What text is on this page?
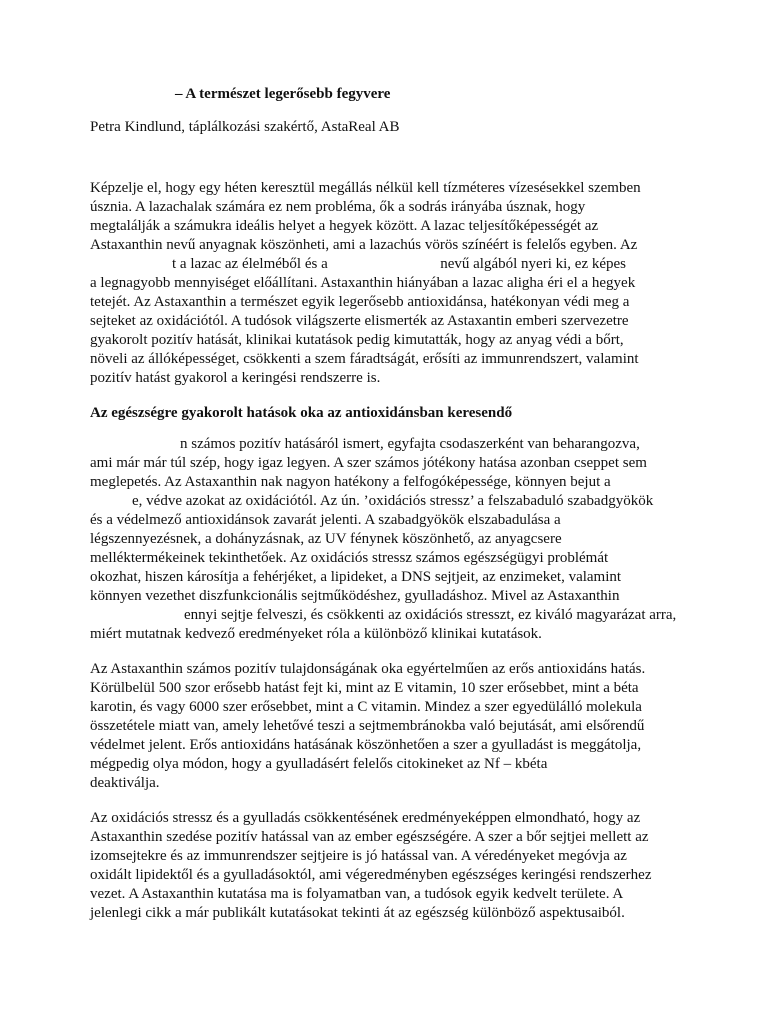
– A természet legerősebb fegyvere
Petra Kindlund, táplálkozási szakértő, AstaReal AB
Képzelje el, hogy egy héten keresztül megállás nélkül kell tízméteres vízesésekkel szemben
úsznia. A lazachalak számára ez nem probléma, ők a sodrás irányába úsznak, hogy
megtalálják a számukra ideális helyet a hegyek között. A lazac teljesítőképességét az
Astaxanthin nevű anyagnak köszönheti, ami a lazachús vörös színéért is felelős egyben. Az
t a lazac az élelméből és a                              nevű algából nyeri ki, ez képes
a legnagyobb mennyiséget előállítani. Astaxanthin hiányában a lazac aligha éri el a hegyek
tetejét. Az Astaxanthin a természet egyik legerősebb antioxidánsa, hatékonyan védi meg a
sejteket az oxidációtól. A tudósok világszerte elismerték az Astaxantin emberi szervezetre
gyakorolt pozitív hatását, klinikai kutatások pedig kimutatták, hogy az anyag védi a bőrt,
növeli az állóképességet, csökkenti a szem fáradtságát, erősíti az immunrendszert, valamint
pozitív hatást gyakorol a keringési rendszerre is.
Az egészségre gyakorolt hatások oka az antioxidánsban keresendő
n számos pozitív hatásáról ismert, egyfajta csodaszerként van beharangozva,
ami már már túl szép, hogy igaz legyen. A szer számos jótékony hatása azonban cseppet sem
meglepetés. Az Astaxanthin nak nagyon hatékony a felfogóképessége, könnyen bejut a
e, védve azokat az oxidációtól. Az ún. ’oxidációs stressz’ a felszabaduló szabadgyökök
és a védelmező antioxidánsok zavarát jelenti. A szabadgyökök elszabadulása a
légszennyezésnek, a dohányzásnak, az UV fénynek köszönhető, az anyagcsere
melléktermékeinek tekinthetőek. Az oxidációs stressz számos egészségügyi problémát
okozhat, hiszen károsítja a fehérjéket, a lipideket, a DNS sejtjeit, az enzimeket, valamint
könnyen vezethet diszfunkcionális sejtműködéshez, gyulladáshoz. Mivel az Astaxanthin
ennyi sejtje felveszi, és csökkenti az oxidációs stresszt, ez kiváló magyarázat arra,
miért mutatnak kedvező eredményeket róla a különböző klinikai kutatások.
Az Astaxanthin számos pozitív tulajdonságának oka egyértelműen az erős antioxidáns hatás.
Körülbelül 500 szor erősebb hatást fejt ki, mint az E vitamin, 10 szer erősebbet, mint a béta
karotin, és vagy 6000 szer erősebbet, mint a C vitamin. Mindez a szer egyedülálló molekula
összetétele miatt van, amely lehetővé teszi a sejtmembránokba való bejutását, ami elsőrendű
védelmet jelent. Erős antioxidáns hatásának köszönhetően a szer a gyulladást is meggátolja,
mégpedig olya módon, hogy a gyulladásért felelős citokineket az Nf – kbéta
deaktiválja.
Az oxidációs stressz és a gyulladás csökkentésének eredményeképpen elmondható, hogy az
Astaxanthin szedése pozitív hatással van az ember egészségére. A szer a bőr sejtjei mellett az
izomsejtekre és az immunrendszer sejtjeire is jó hatással van. A véredényeket megóvja az
oxidált lipidektől és a gyulladásoktól, ami végeredményben egészséges keringési rendszerhez
vezet. A Astaxanthin kutatása ma is folyamatban van, a tudósok egyik kedvelt területe. A
jelenlegi cikk a már publikált kutatásokat tekinti át az egészség különböző aspektusaiból.
